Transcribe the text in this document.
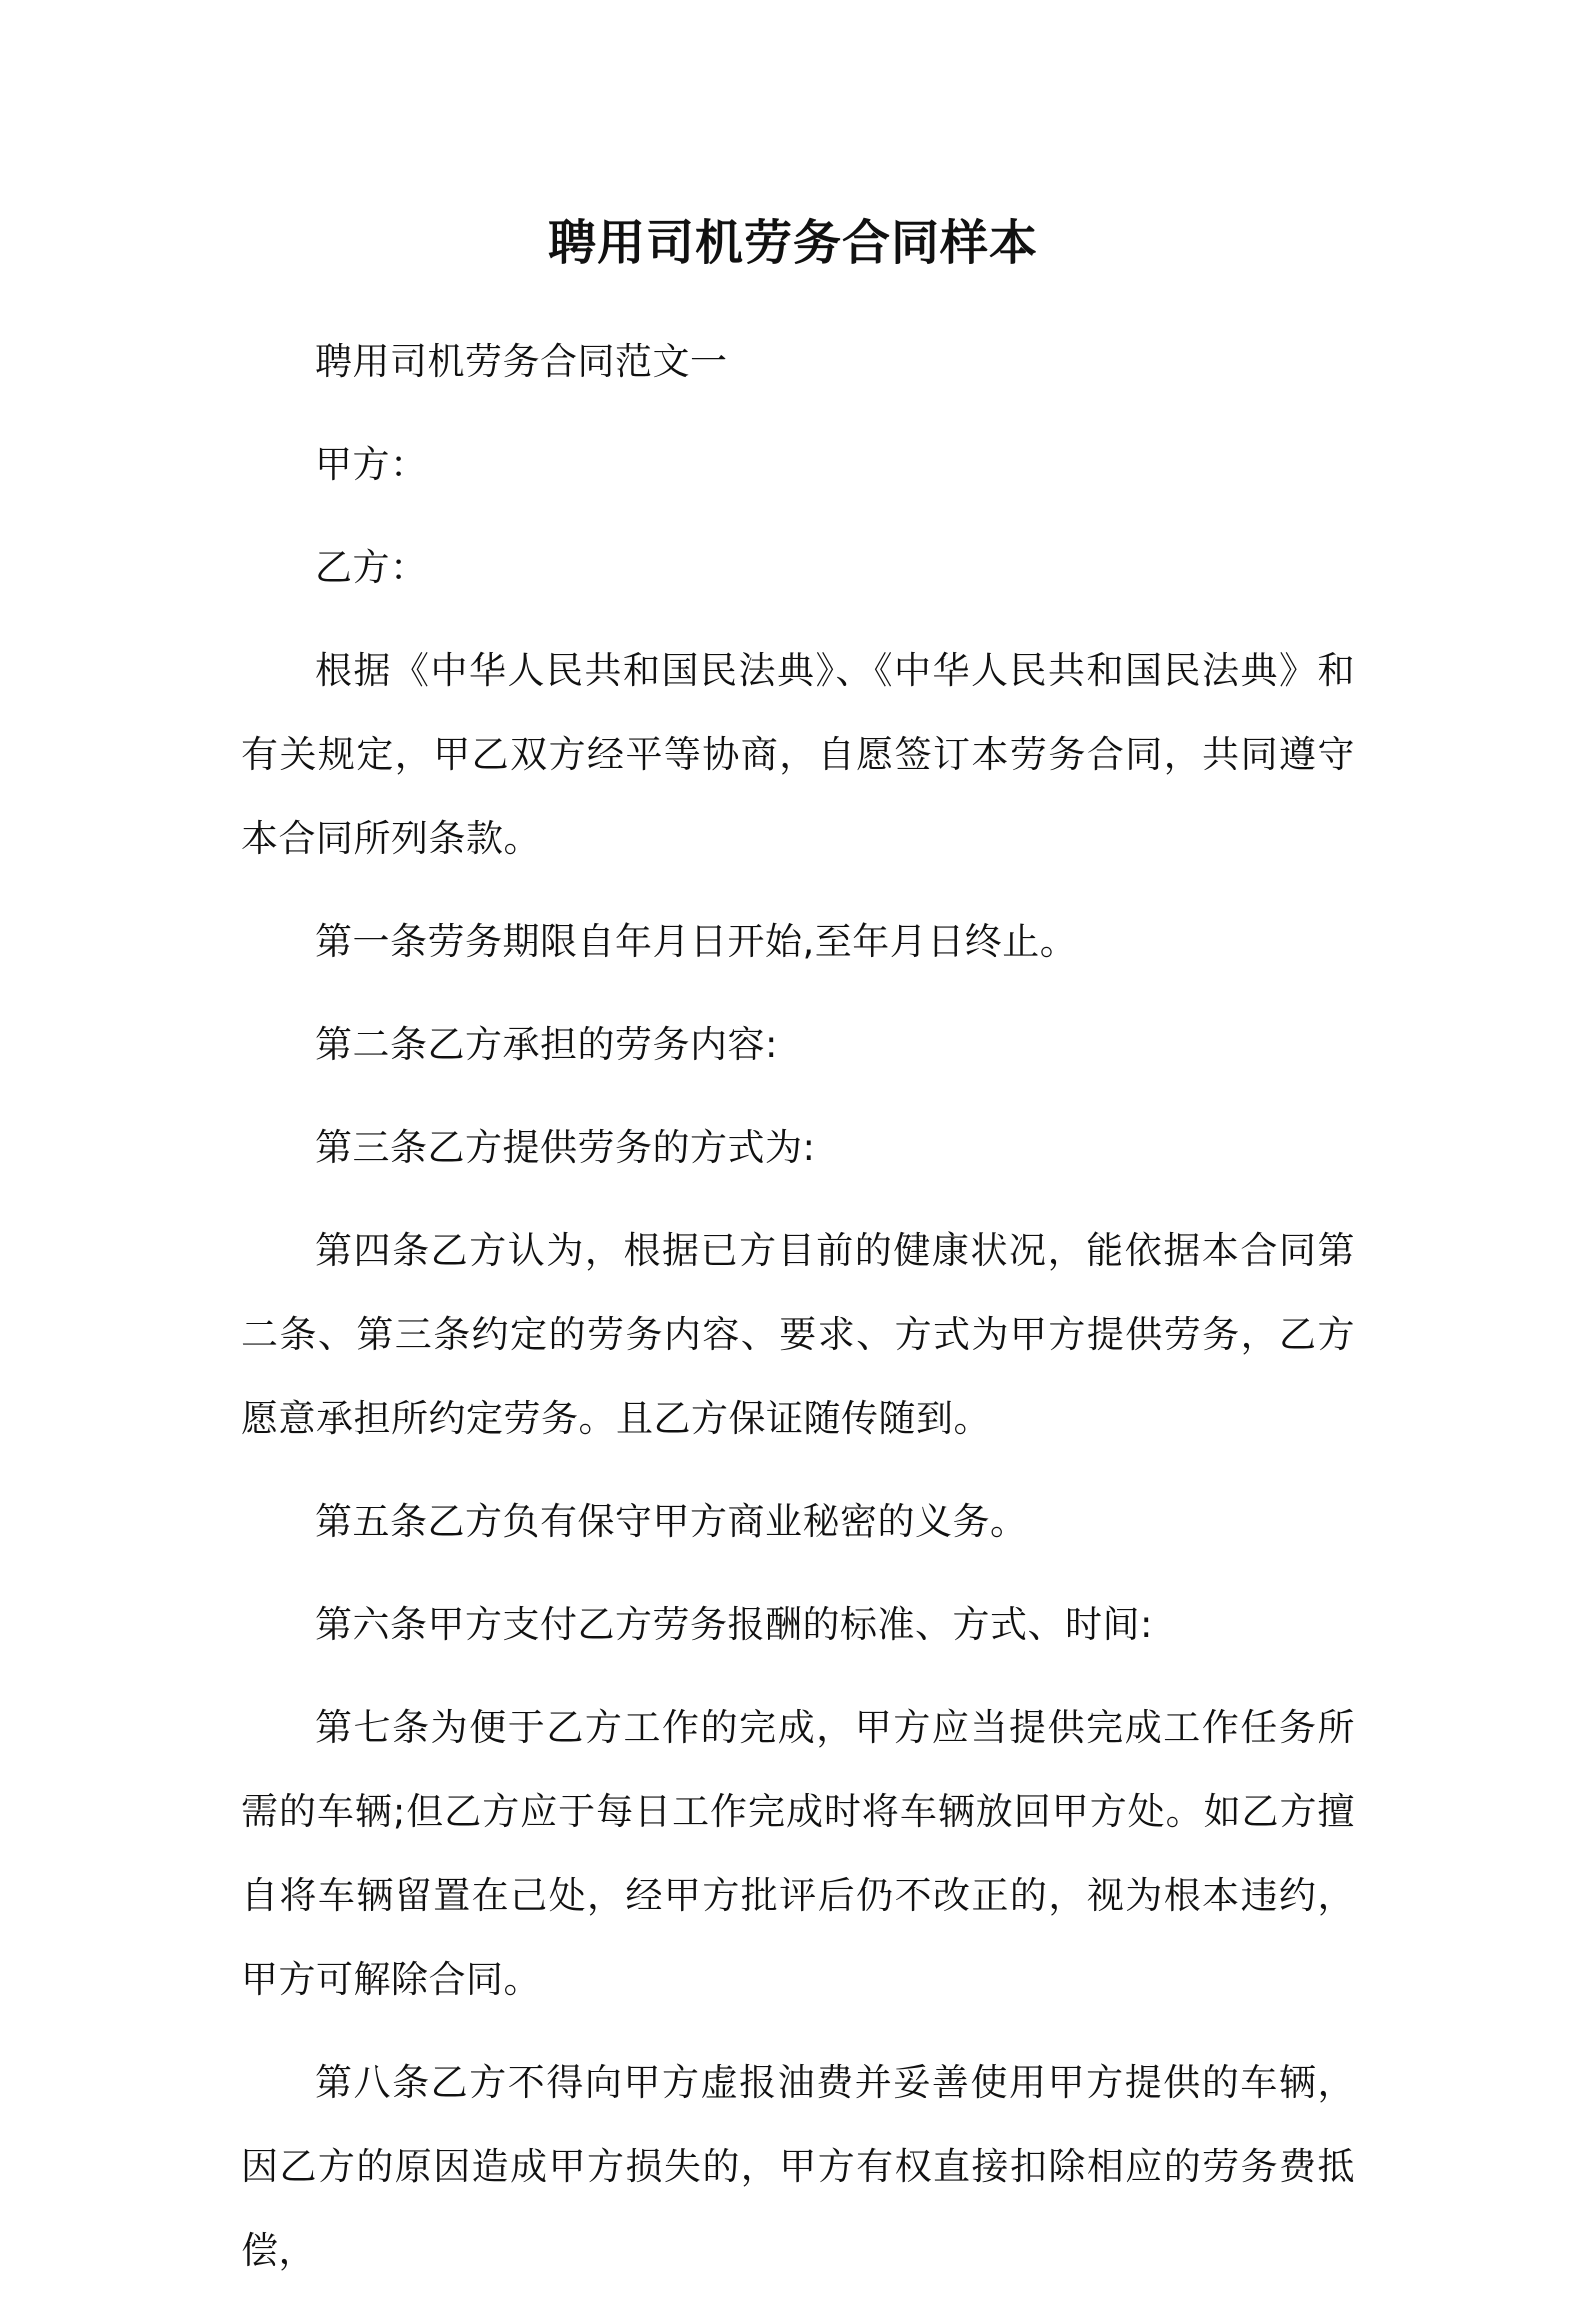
聘用司机劳务合同样本

聘用司机劳务合同范文一

甲方：

乙方：

根据《中华人民共和国民法典》、《中华人民共和国民法典》和有关规定，甲乙双方经平等协商，自愿签订本劳务合同，共同遵守本合同所列条款。

第一条劳务期限自年月日开始,至年月日终止。

第二条乙方承担的劳务内容:

第三条乙方提供劳务的方式为:

第四条乙方认为，根据已方目前的健康状况，能依据本合同第二条、第三条约定的劳务内容、要求、方式为甲方提供劳务，乙方愿意承担所约定劳务。且乙方保证随传随到。

第五条乙方负有保守甲方商业秘密的义务。

第六条甲方支付乙方劳务报酬的标准、方式、时间:

第七条为便于乙方工作的完成，甲方应当提供完成工作任务所需的车辆;但乙方应于每日工作完成时将车辆放回甲方处。如乙方擅自将车辆留置在己处，经甲方批评后仍不改正的，视为根本违约，甲方可解除合同。

第八条乙方不得向甲方虚报油费并妥善使用甲方提供的车辆，因乙方的原因造成甲方损失的，甲方有权直接扣除相应的劳务费抵偿，
